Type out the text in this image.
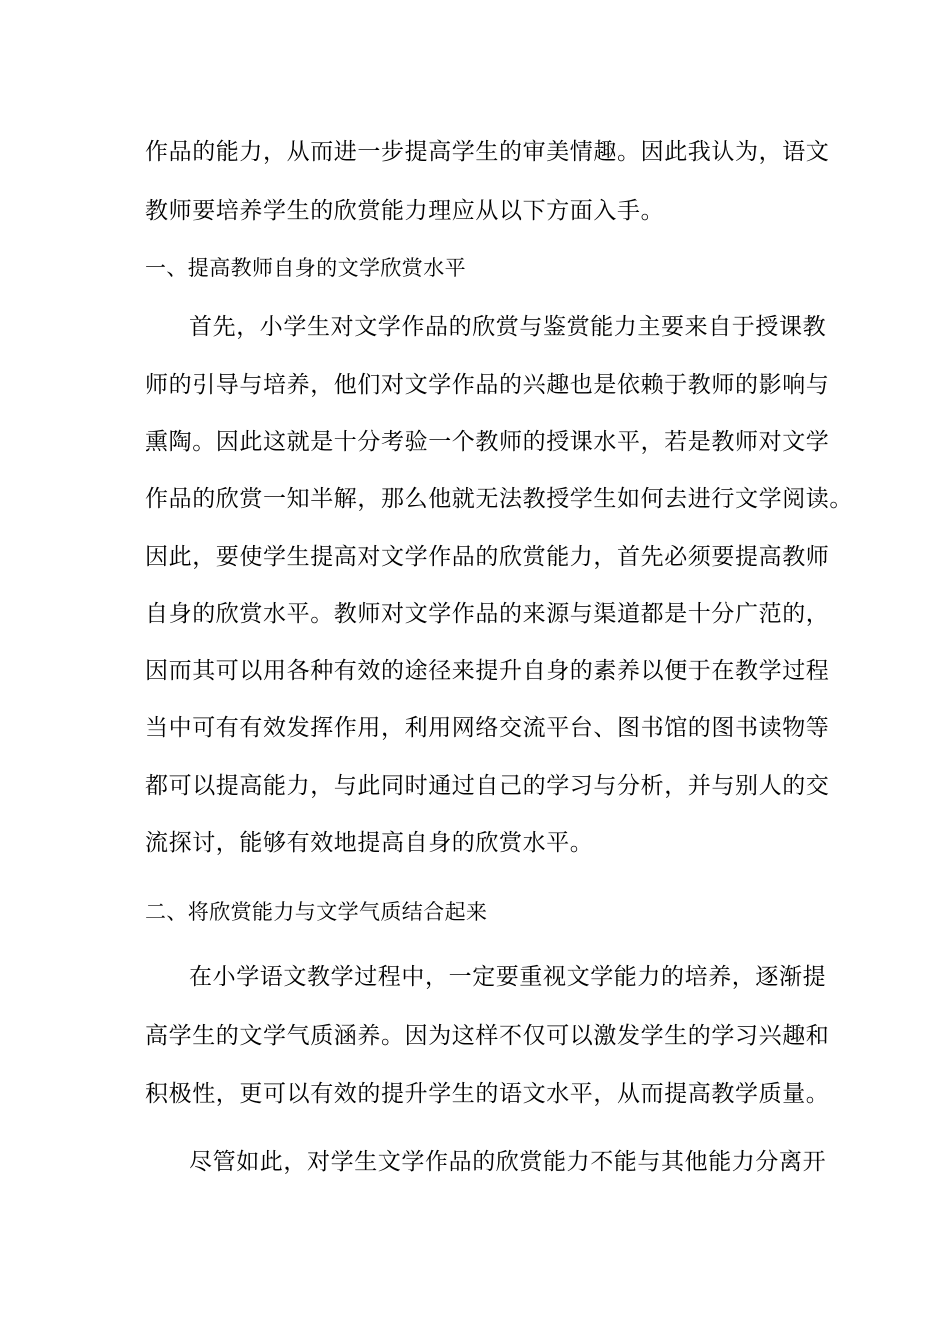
作品的能力，从而进一步提高学生的审美情趣。因此我认为，语文
教师要培养学生的欣赏能力理应从以下方面入手。
一、提高教师自身的文学欣赏水平
首先，小学生对文学作品的欣赏与鉴赏能力主要来自于授课教
师的引导与培养，他们对文学作品的兴趣也是依赖于教师的影响与
熏陶。因此这就是十分考验一个教师的授课水平，若是教师对文学
作品的欣赏一知半解，那么他就无法教授学生如何去进行文学阅读。
因此，要使学生提高对文学作品的欣赏能力，首先必须要提高教师
自身的欣赏水平。教师对文学作品的来源与渠道都是十分广范的，
因而其可以用各种有效的途径来提升自身的素养以便于在教学过程
当中可有有效发挥作用，利用网络交流平台、图书馆的图书读物等
都可以提高能力，与此同时通过自己的学习与分析，并与别人的交
流探讨，能够有效地提高自身的欣赏水平。
二、将欣赏能力与文学气质结合起来
在小学语文教学过程中，一定要重视文学能力的培养，逐渐提
高学生的文学气质涵养。因为这样不仅可以激发学生的学习兴趣和
积极性，更可以有效的提升学生的语文水平，从而提高教学质量。
尽管如此，对学生文学作品的欣赏能力不能与其他能力分离开
